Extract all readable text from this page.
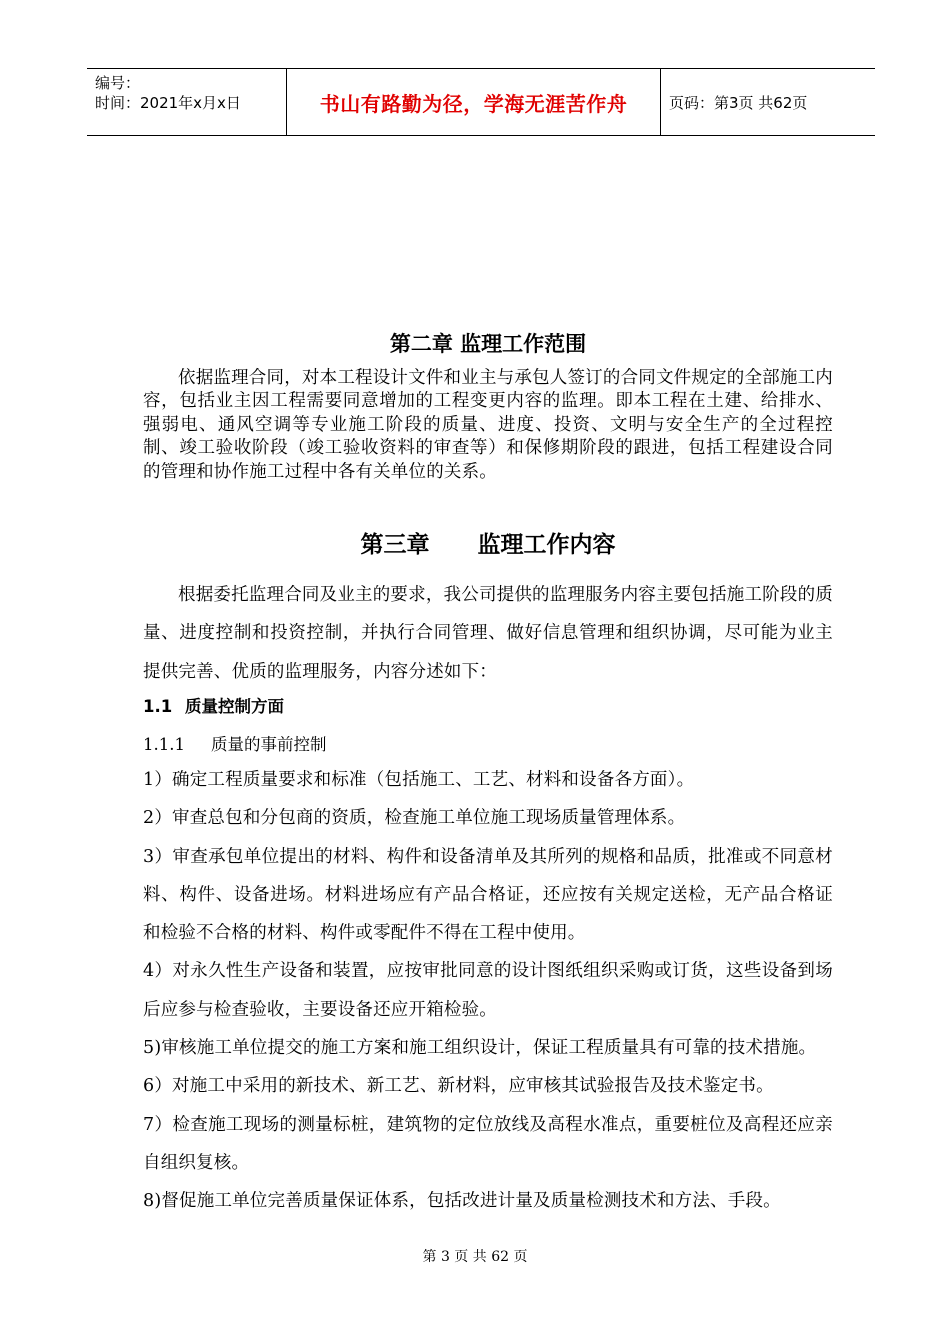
编号：
时间：2021年x月x日	书山有路勤为径，学海无涯苦作舟	页码：第3页 共62页
第二章 监理工作范围
依据监理合同，对本工程设计文件和业主与承包人签订的合同文件规定的全部施工内容，包括业主因工程需要同意增加的工程变更内容的监理。即本工程在土建、给排水、强弱电、通风空调等专业施工阶段的质量、进度、投资、文明与安全生产的全过程控制、竣工验收阶段（竣工验收资料的审查等）和保修期阶段的跟进，包括工程建设合同的管理和协作施工过程中各有关单位的关系。
第三章 监理工作内容
根据委托监理合同及业主的要求，我公司提供的监理服务内容主要包括施工阶段的质量、进度控制和投资控制，并执行合同管理、做好信息管理和组织协调，尽可能为业主提供完善、优质的监理服务，内容分述如下：
1.1 质量控制方面
1.1.1 质量的事前控制

1）确定工程质量要求和标准（包括施工、工艺、材料和设备各方面）。

2）审查总包和分包商的资质，检查施工单位施工现场质量管理体系。

3）审查承包单位提出的材料、构件和设备清单及其所列的规格和品质，批准或不同意材料、构件、设备进场。材料进场应有产品合格证，还应按有关规定送检，无产品合格证和检验不合格的材料、构件或零配件不得在工程中使用。

4）对永久性生产设备和装置，应按审批同意的设计图纸组织采购或订货，这些设备到场后应参与检查验收，主要设备还应开箱检验。

5)审核施工单位提交的施工方案和施工组织设计，保证工程质量具有可靠的技术措施。

6）对施工中采用的新技术、新工艺、新材料，应审核其试验报告及技术鉴定书。

7）检查施工现场的测量标桩，建筑物的定位放线及高程水准点，重要桩位及高程还应亲自组织复核。

8)督促施工单位完善质量保证体系，包括改进计量及质量检测技术和方法、手段。

第 3 页 共 62 页
